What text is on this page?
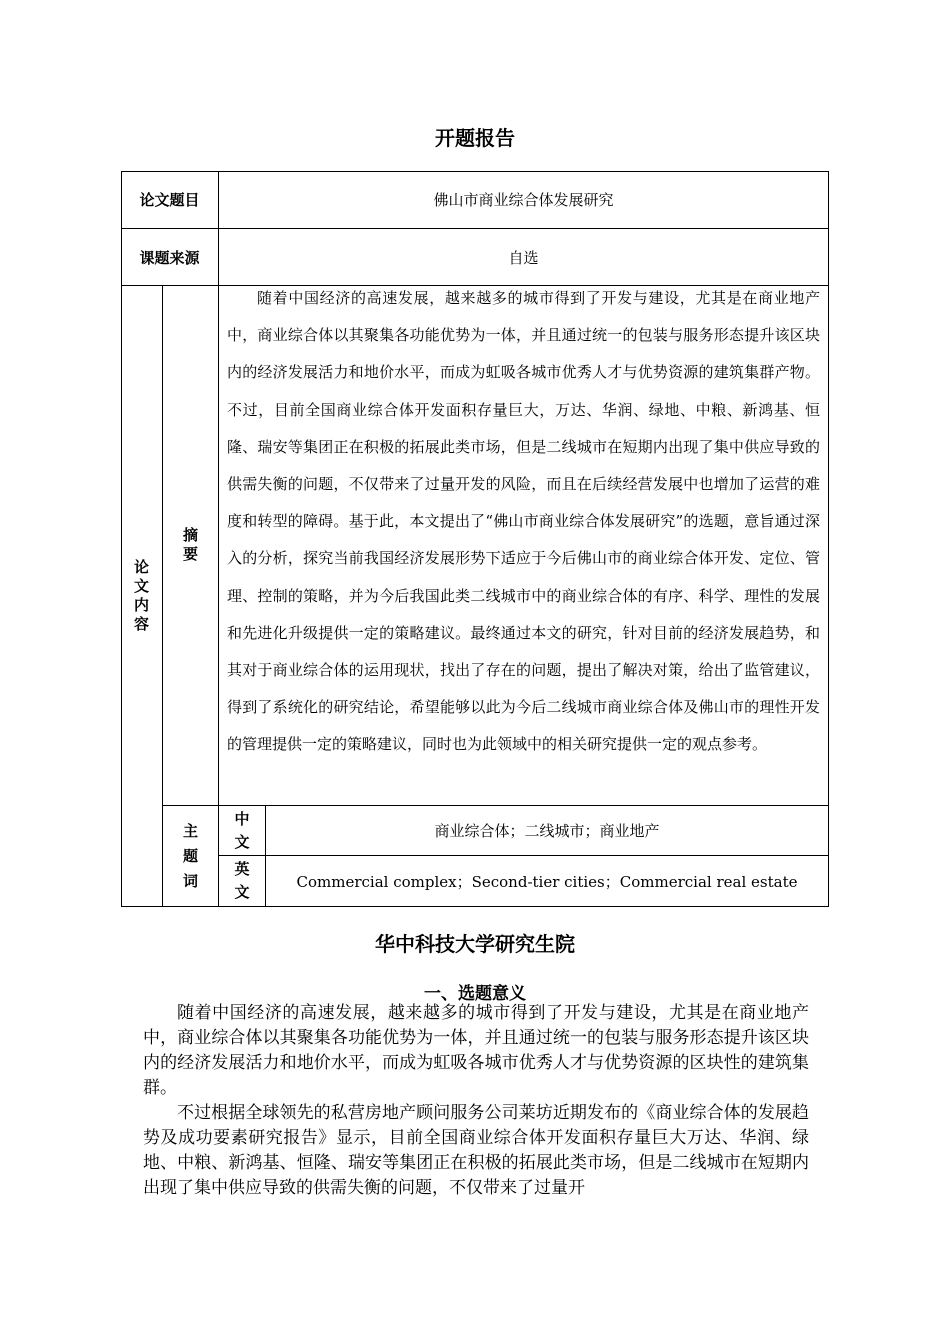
开题报告
论文题目	佛山市商业综合体发展研究
课题来源	自选
论文内容
摘要
随着中国经济的高速发展，越来越多的城市得到了开发与建设，尤其是在商业地产中，商业综合体以其聚集各功能优势为一体，并且通过统一的包装与服务形态提升该区块内的经济发展活力和地价水平，而成为虹吸各城市优秀人才与优势资源的建筑集群产物。不过，目前全国商业综合体开发面积存量巨大，万达、华润、绿地、中粮、新鸿基、恒隆、瑞安等集团正在积极的拓展此类市场，但是二线城市在短期内出现了集中供应导致的供需失衡的问题，不仅带来了过量开发的风险，而且在后续经营发展中也增加了运营的难度和转型的障碍。基于此，本文提出了“佛山市商业综合体发展研究”的选题，意旨通过深入的分析，探究当前我国经济发展形势下适应于今后佛山市的商业综合体开发、定位、管理、控制的策略，并为今后我国此类二线城市中的商业综合体的有序、科学、理性的发展和先进化升级提供一定的策略建议。最终通过本文的研究，针对目前的经济发展趋势，和其对于商业综合体的运用现状，找出了存在的问题，提出了解决对策，给出了监管建议，得到了系统化的研究结论，希望能够以此为今后二线城市商业综合体及佛山市的理性开发的管理提供一定的策略建议，同时也为此领域中的相关研究提供一定的观点参考。
主题词
中文
商业综合体；二线城市；商业地产
英文
Commercial complex；Second-tier cities；Commercial real estate
华中科技大学研究生院
一、选题意义

随着中国经济的高速发展，越来越多的城市得到了开发与建设，尤其是在商业地产中，商业综合体以其聚集各功能优势为一体，并且通过统一的包装与服务形态提升该区块内的经济发展活力和地价水平，而成为虹吸各城市优秀人才与优势资源的区块性的建筑集群。

不过根据全球领先的私营房地产顾问服务公司莱坊近期发布的《商业综合体的发展趋势及成功要素研究报告》显示，目前全国商业综合体开发面积存量巨大万达、华润、绿地、中粮、新鸿基、恒隆、瑞安等集团正在积极的拓展此类市场，但是二线城市在短期内出现了集中供应导致的供需失衡的问题，不仅带来了过量开
